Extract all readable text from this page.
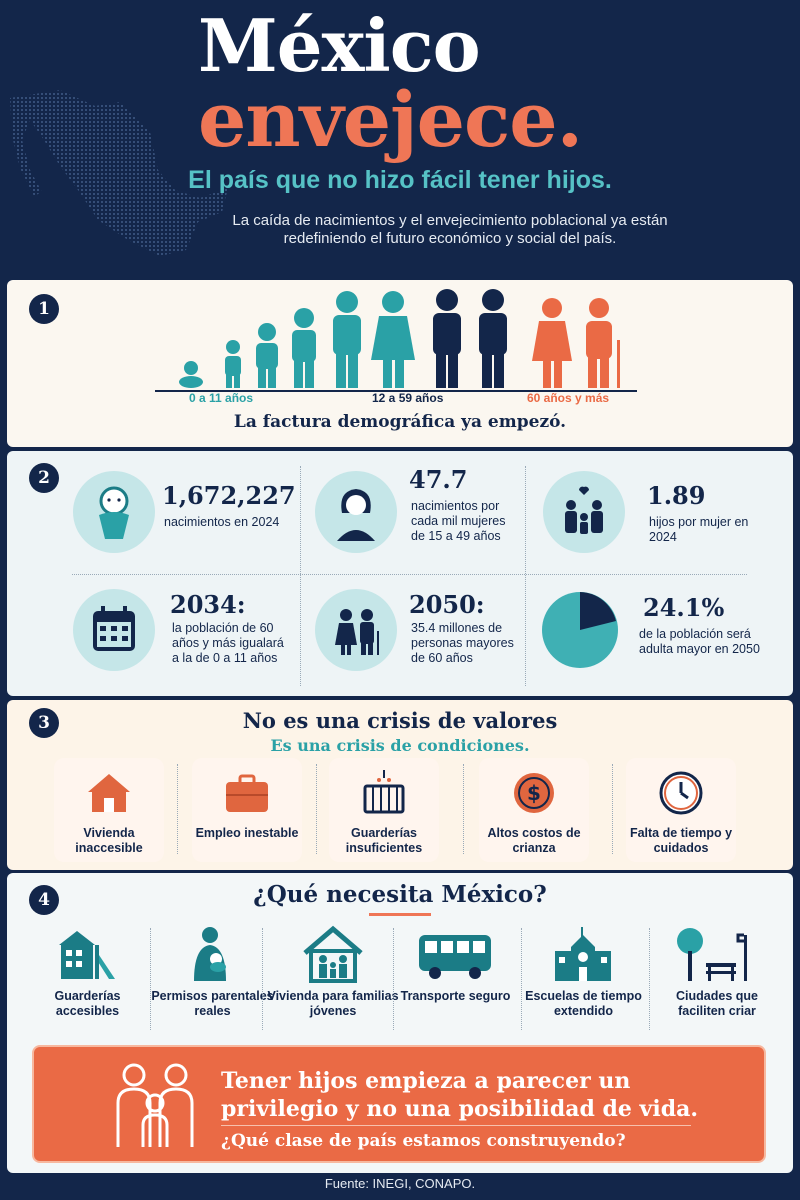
México
envejece.
El país que no hizo fácil tener hijos.
La caída de nacimientos y el envejecimiento poblacional ya están redefiniendo el futuro económico y social del país.
1
0 a 11 años	12 a 59 años	60 años y más
La factura demográfica ya empezó.
2
1,672,227
nacimientos en 2024
47.7
nacimientos por cada mil mujeres de 15 a 49 años
1.89
hijos por mujer en 2024
2034:
la población de 60 años y más igualará a la de 0 a 11 años
2050:
35.4 millones de personas mayores de 60 años
24.1%
de la población será adulta mayor en 2050
3	No es una crisis de valores
Es una crisis de condiciones.
Vivienda inaccesible
Empleo inestable	Guarderías insuficientes
$
Altos costos de crianza
Falta de tiempo y cuidados
4	¿Qué necesita México?
Guarderías accesibles
Permisos parentales reales
Vivienda para familias jóvenes
Transporte seguro	Escuelas de tiempo extendido
Ciudades que faciliten criar
Tener hijos empieza a parecer un privilegio y no una posibilidad de vida.
¿Qué clase de país estamos construyendo?
Fuente: INEGI, CONAPO.
